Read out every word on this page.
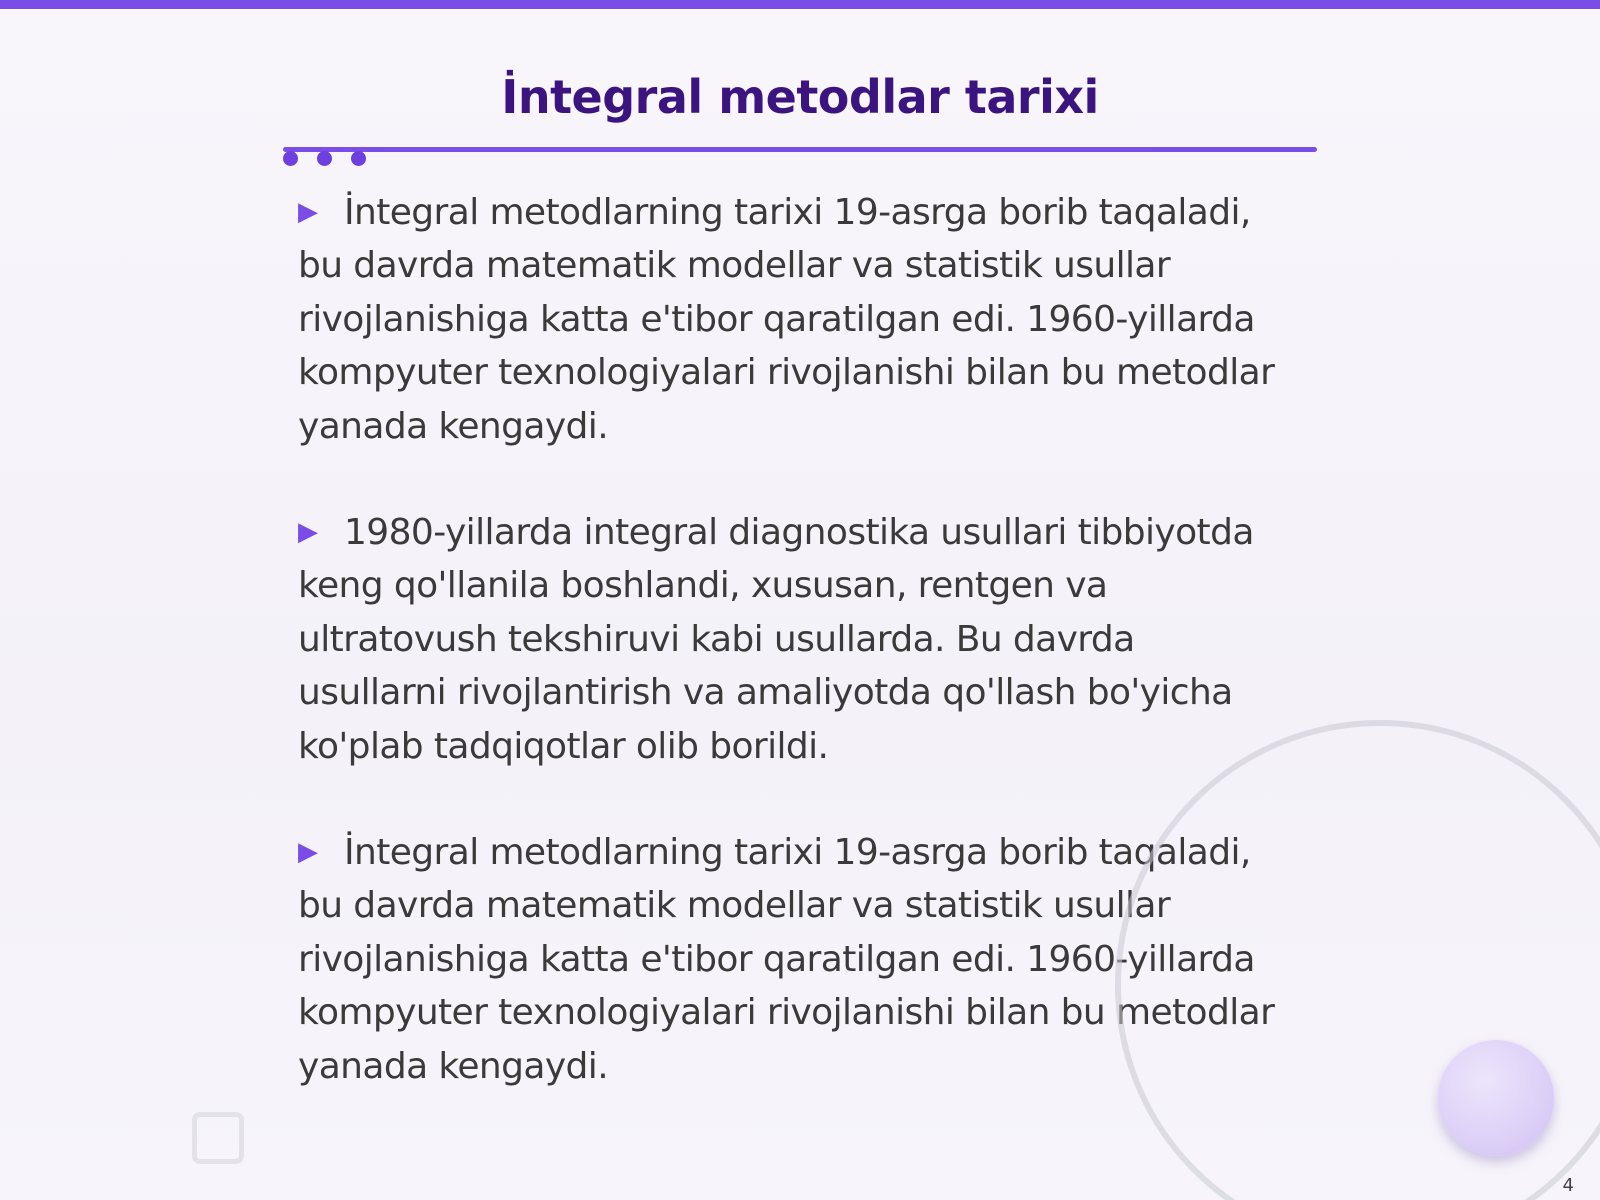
İntegral metodlar tarixi
▶ İntegral metodlarning tarixi 19-asrga borib taqaladi, bu davrda matematik modellar va statistik usullar rivojlanishiga katta e'tibor qaratilgan edi. 1960-yillarda kompyuter texnologiyalari rivojlanishi bilan bu metodlar yanada kengaydi.
▶ 1980-yillarda integral diagnostika usullari tibbiyotda keng qo'llanila boshlandi, xususan, rentgen va ultratovush tekshiruvi kabi usullarda. Bu davrda usullarni rivojlantirish va amaliyotda qo'llash bo'yicha ko'plab tadqiqotlar olib borildi.
▶ İntegral metodlarning tarixi 19-asrga borib taqaladi, bu davrda matematik modellar va statistik usullar rivojlanishiga katta e'tibor qaratilgan edi. 1960-yillarda kompyuter texnologiyalari rivojlanishi bilan bu metodlar yanada kengaydi.
4
